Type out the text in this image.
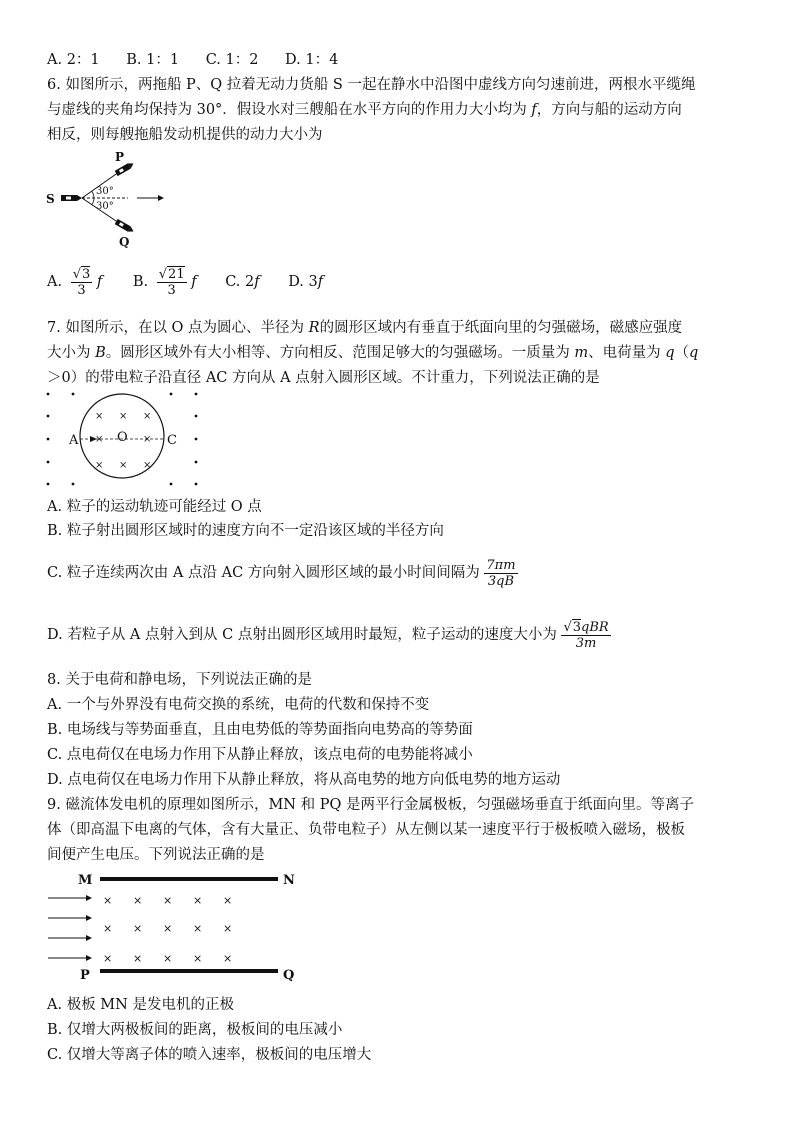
A. 2：1 B. 1：1 C. 1：2 D. 1：4
6. 如图所示，两拖船 P、Q 拉着无动力货船 S 一起在静水中沿图中虚线方向匀速前进，两根水平缆绳
与虚线的夹角均保持为 30°．假设水对三艘船在水平方向的作用力大小均为 f，方向与船的运动方向
相反，则每艘拖船发动机提供的动力大小为
P
Q
S
30°
30°
A. $\frac{√3}{3}$ f B. $\frac{√21}{3}$ f C. 2f D. 3f
7. 如图所示，在以 O 点为圆心、半径为 R的圆形区域内有垂直于纸面向里的匀强磁场，磁感应强度
大小为 B。圆形区域外有大小相等、方向相反、范围足够大的匀强磁场。一质量为 m、电荷量为 q（q
＞0）的带电粒子沿直径 AC 方向从 A 点射入圆形区域。不计重力，下列说法正确的是
× × ×
×	×
× × ×
A	O	C
A. 粒子的运动轨迹可能经过 O 点
B. 粒子射出圆形区域时的速度方向不一定沿该区域的半径方向
C. 粒子连续两次由 A 点沿 AC 方向射入圆形区域的最小时间间隔为 $\frac{7\pi m}{3qB}$
D. 若粒子从 A 点射入到从 C 点射出圆形区域用时最短，粒子运动的速度大小为 $\frac{\text{√3qBR}}{3m}$
8. 关于电荷和静电场，下列说法正确的是
A. 一个与外界没有电荷交换的系统，电荷的代数和保持不变
B. 电场线与等势面垂直，且由电势低的等势面指向电势高的等势面
C. 点电荷仅在电场力作用下从静止释放，该点电荷的电势能将减小
D. 点电荷仅在电场力作用下从静止释放，将从高电势的地方向低电势的地方运动
9. 磁流体发电机的原理如图所示，MN 和 PQ 是两平行金属极板，匀强磁场垂直于纸面向里。等离子
体（即高温下电离的气体，含有大量正、负带电粒子）从左侧以某一速度平行于极板喷入磁场，极板
间便产生电压。下列说法正确的是
M	N
P	Q
× × × × ×
× × × × ×
× × × × ×
A. 极板 MN 是发电机的正极
B. 仅增大两极板间的距离，极板间的电压减小
C. 仅增大等离子体的喷入速率，极板间的电压增大
